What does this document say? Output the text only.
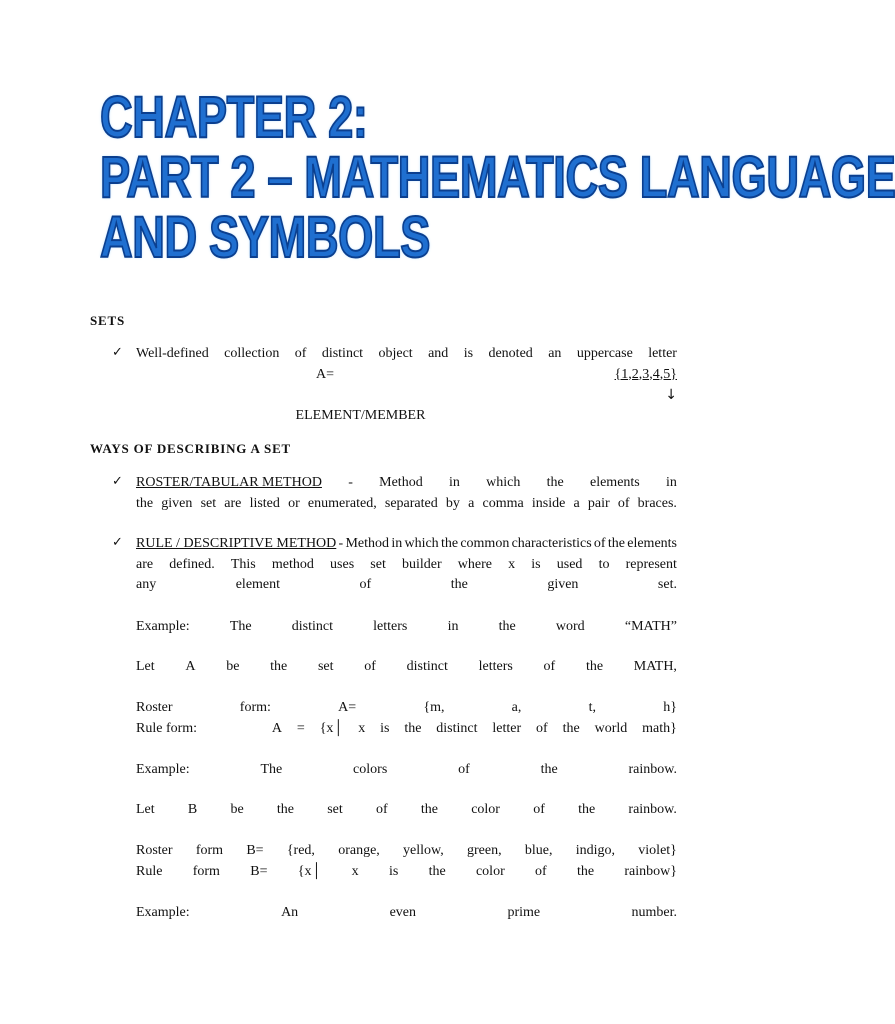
CHAPTER 2:
PART 2 – MATHEMATICS LANGUAGE
AND SYMBOLS
SETS
✓ Well-defined collection of distinct object and is denoted an uppercase letter
A=	{1,2,3,4,5}
↓
ELEMENT/MEMBER
WAYS OF DESCRIBING A SET
✓ ROSTER/TABULAR METHOD - Method in which the elements in
the given set are listed or enumerated, separated by a comma inside a pair of braces.
✓ RULE / DESCRIPTIVE METHOD - Method in which the common characteristics of the elements
are defined. This method uses set builder where x is used to represent
any	element	of	the	given	set.
Example:	The	distinct	letters	in	the	word	“MATH”
Let A be the set of distinct letters of the MATH,
Roster	form:	A=	{m,	a,	t,	h}
Rule form:	A = {x│ x is the distinct letter of the world math}
Example:	The	colors	of	the	rainbow.
Let B be the set of the color of the rainbow.
Roster form B= {red, orange, yellow, green, blue, indigo, violet}
Rule form B= {x│ x is the color of the rainbow}
Example:	An	even	prime	number.
